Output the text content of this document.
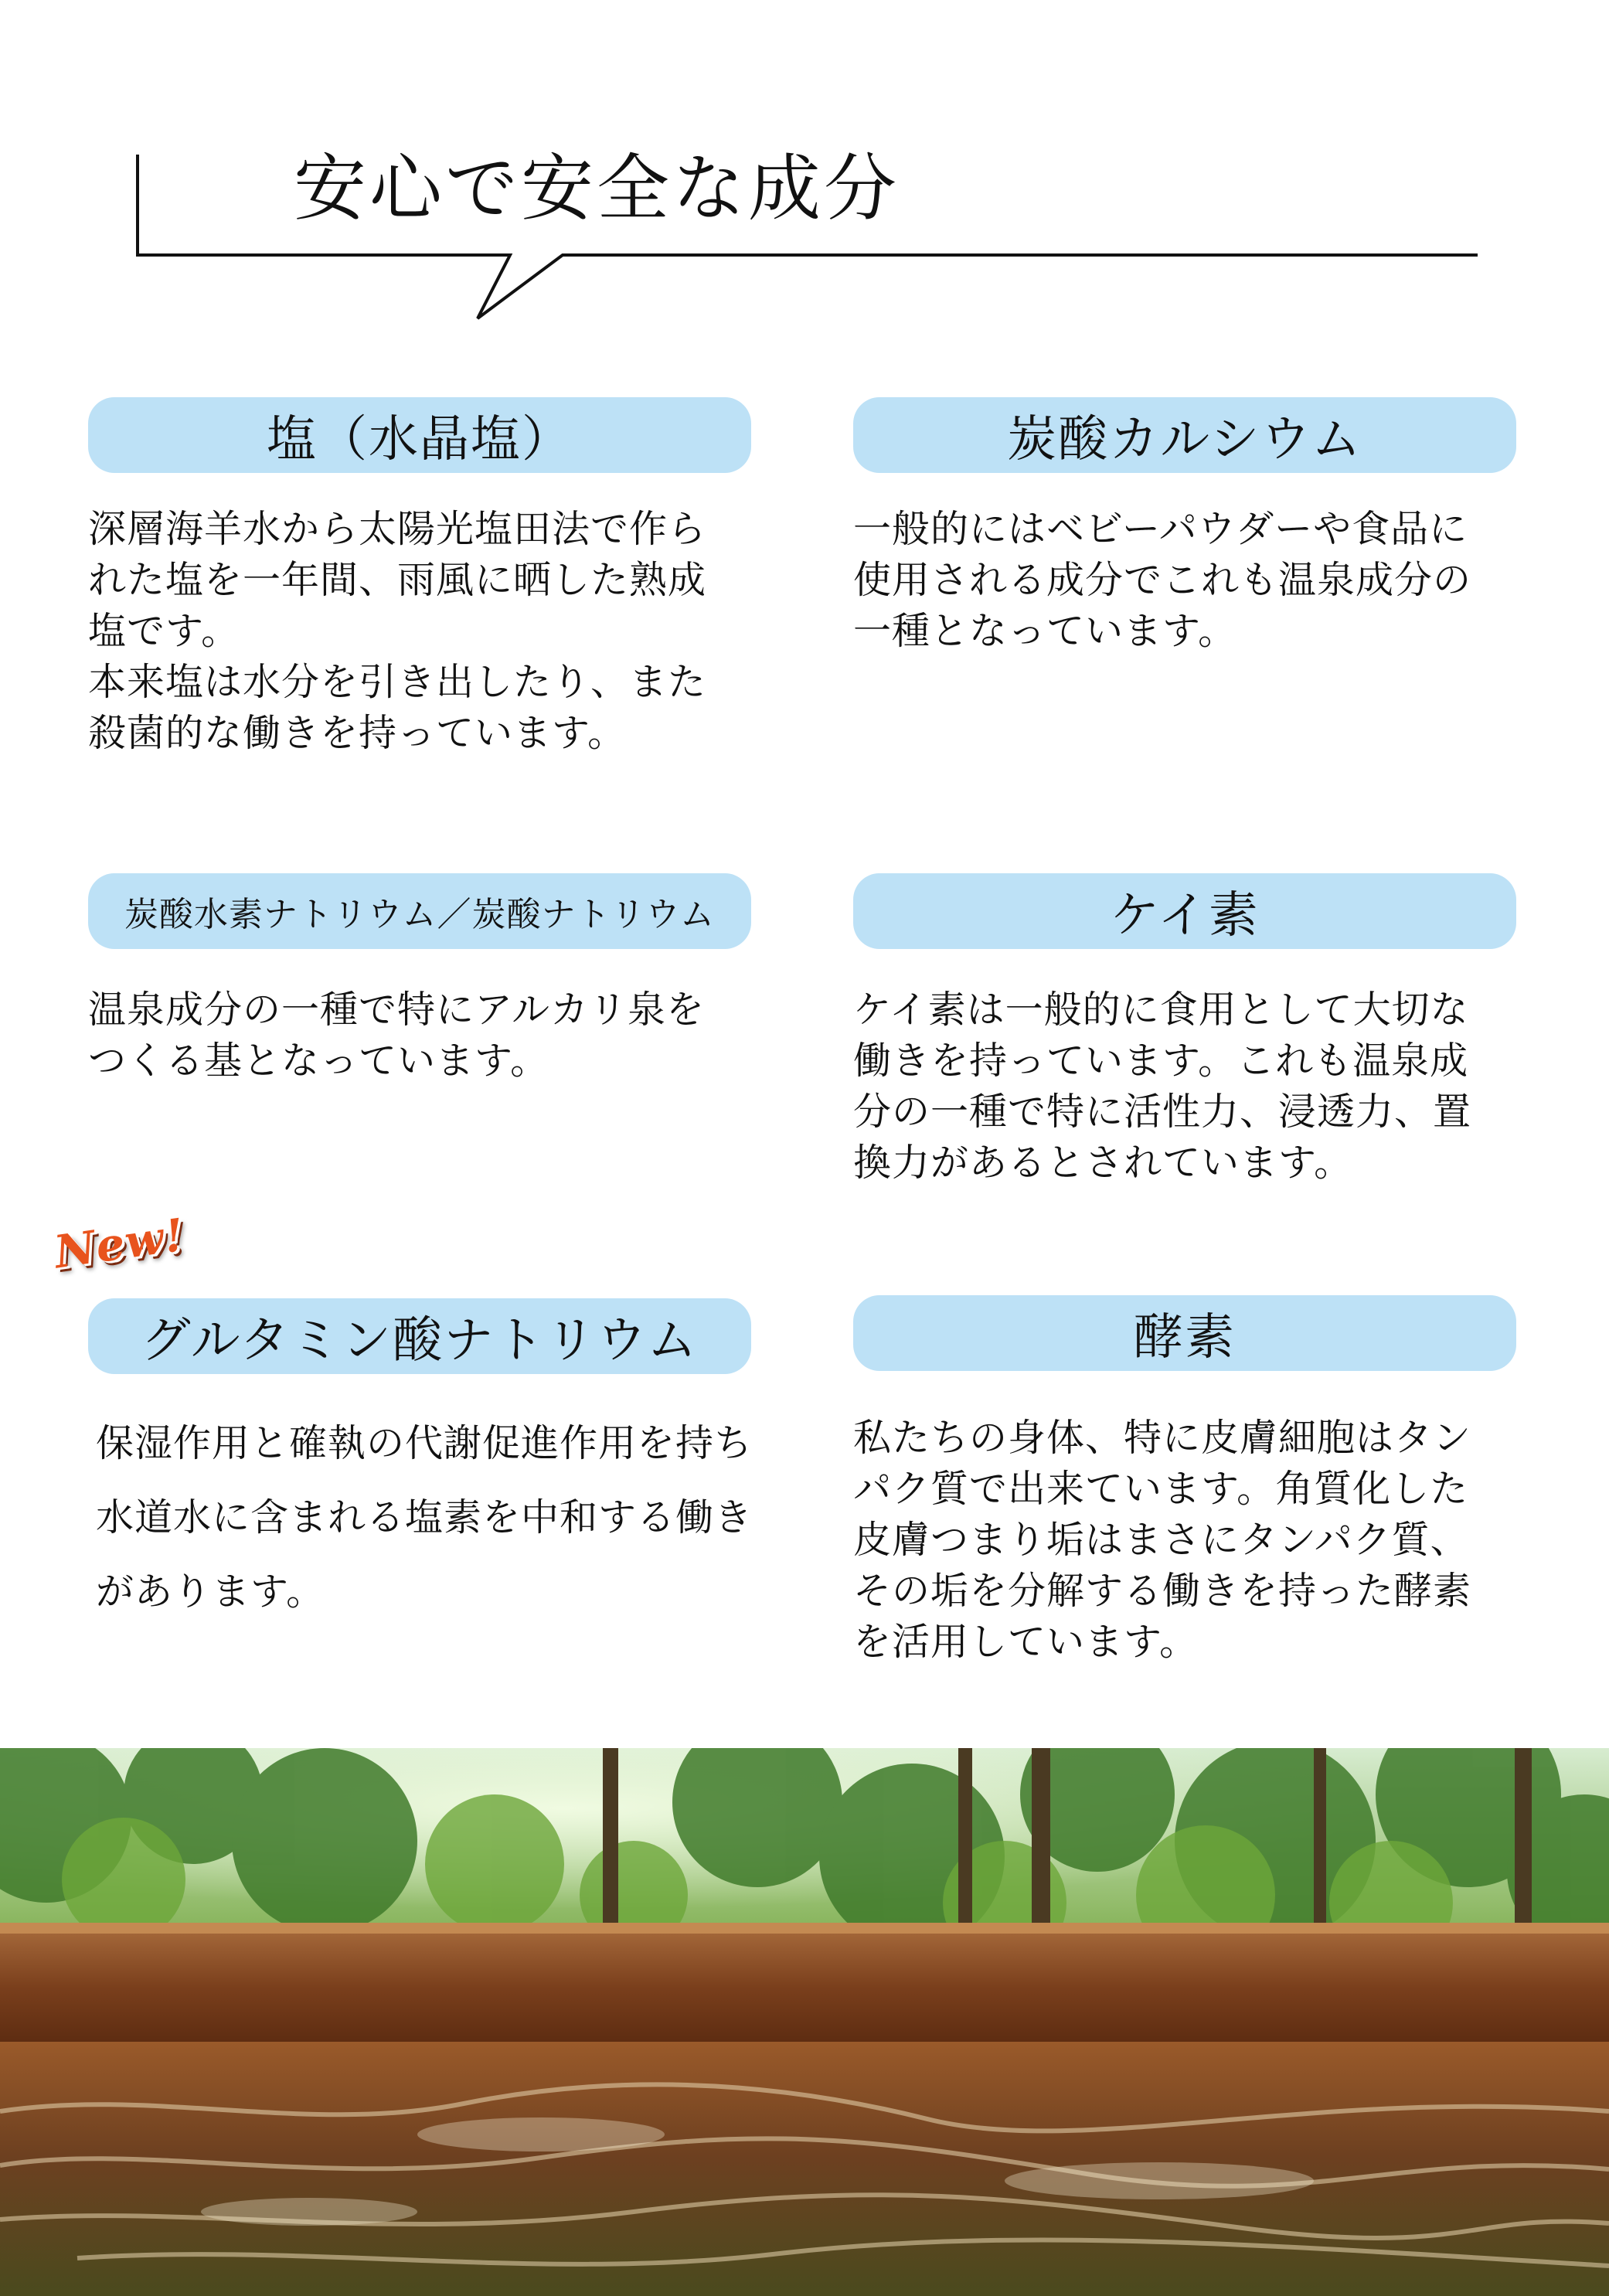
安心で安全な成分
塩（水晶塩）
深層海羊水から太陽光塩田法で作ら
れた塩を一年間、雨風に晒した熟成
塩です。
本来塩は水分を引き出したり、また
殺菌的な働きを持っています。
炭酸カルシウム
一般的にはベビーパウダーや食品に
使用される成分でこれも温泉成分の
一種となっています。
炭酸水素ナトリウム／炭酸ナトリウム
温泉成分の一種で特にアルカリ泉を
つくる基となっています。
ケイ素
ケイ素は一般的に食用として大切な
働きを持っています。これも温泉成
分の一種で特に活性力、浸透力、置
換力があるとされています。
New!
グルタミン酸ナトリウム
保湿作用と確執の代謝促進作用を持ち
水道水に含まれる塩素を中和する働き
があります。
酵素
私たちの身体、特に皮膚細胞はタン
パク質で出来ています。角質化した
皮膚つまり垢はまさにタンパク質、
その垢を分解する働きを持った酵素
を活用しています。
